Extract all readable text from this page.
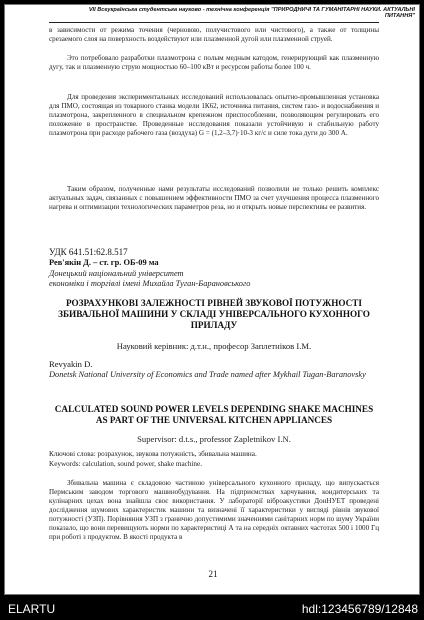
VII Всеукраїнська студентська науково - технічна конференція "ПРИРОДНИЧІ ТА ГУМАНІТАРНІ НАУКИ. АКТУАЛЬНІ ПИТАННЯ"

в зависимости от режима точения (черновою, получистового или чистового), а также от толщины срезаемого слоя на поверхность воздействуют или плазменной дугой или плазменной струей.

Это потребовало разработки плазмотрона с полым медным катодом, генерирующий как плазменную дугу, так и плазменную струю мощностью 60–100 кВт и ресурсом работы более 100 ч.

Для проведения экспериментальных исследований использовалась опытно-промышленная установка для ПМО, состоящая из токарного станка модели 1К62, источника питания, систем газо- и водоснабжения и плазмотрона, закрепленного в специальном крепежном приспособлении, позволяющим регулировать его положение в пространстве. Проведенные исследования показали устойчивую и стабильную работу плазмотрона при расходе рабочего газа (воздуха) G = (1,2–3,7)·10-3 кг/с и силе тока дуги до 300 А.

Таким образом, полученные нами результаты исследований позволили не только решить комплекс актуальных задач, связанных с повышением эффективности ПМО за счет улучшения процесса плазменного нагрева и оптимизации технологических параметров реза, но и открыть новые перспективы ее развития.

УДК 641.51:62.8.517
Рев'якін Д. – ст. гр. ОБ-09 ма
Донецький національний університет
економіки і торгівлі імені Михайла Туган-Барановського
РОЗРАХУНКОВІ ЗАЛЕЖНОСТІ РІВНЕЙ ЗВУКОВОЇ ПОТУЖНОСТІ ЗБИВАЛЬНОЇ МАШИНИ У СКЛАДІ УНІВЕРСАЛЬНОГО КУХОННОГО ПРИЛАДУ
Науковий керівник: д.т.н., професор Заплетніков І.М.
Revyakin D.
Donetsk National University of Economics and Trade named after Mykhail Tugan-Baranovsky
CALCULATED SOUND POWER LEVELS DEPENDING SHAKE MACHINES AS PART OF THE UNIVERSAL KITCHEN APPLIANCES
Supervisor: d.t.s., professor Zapletnikov I.N.
Ключові слова: розрахунок, звукова потужність, збивальна машина.
Keywords: calculation, sound power, shake machine.

Збивальна машина є складовою частиною універсального кухонного приладу, що випускається Пермським заводом торгового машинобудування. На підприємствах харчування, кондитерських та кулінарних цехах вона знайшла своє використання. У лабораторії віброакустики ДонНУЕТ проведені дослідження шумових характеристик машини та визначені її характеристики у вигляді рівнів звукової потужності (УЗП). Порівняння УЗП з гранично допустимими значеннями санітарних норм по шуму України показало, що вони перевищують норми по характеристиці А та на середніх октавних частотах 500 і 1000 Гц при роботі з продуктом. В якості продукта в

21
ELARTU	hdl:123456789/12848
